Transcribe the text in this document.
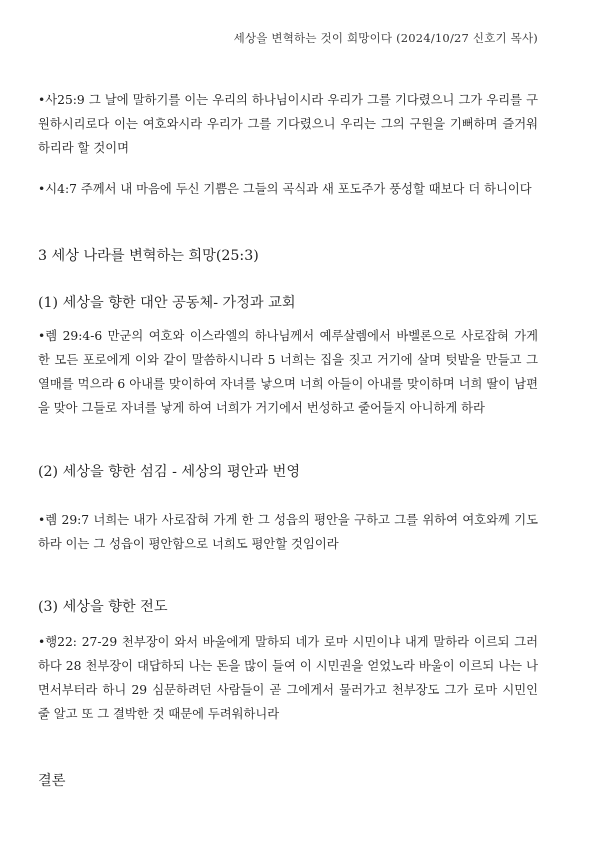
세상을 변혁하는 것이 희망이다 (2024/10/27 신호기 목사)

•사25:9 그 날에 말하기를 이는 우리의 하나님이시라 우리가 그를 기다렸으니 그가 우리를 구원하시리로다 이는 여호와시라 우리가 그를 기다렸으니 우리는 그의 구원을 기뻐하며 즐거워하리라 할 것이며

•시4:7 주께서 내 마음에 두신 기쁨은 그들의 곡식과 새 포도주가 풍성할 때보다 더 하니이다

3 세상 나라를 변혁하는 희망(25:3)
(1) 세상을 향한 대안 공동체- 가정과 교회

•렘 29:4-6 만군의 여호와 이스라엘의 하나님께서 예루살렘에서 바벨론으로 사로잡혀 가게 한 모든 포로에게 이와 같이 말씀하시니라 5 너희는 집을 짓고 거기에 살며 텃밭을 만들고 그 열매를 먹으라 6 아내를 맞이하여 자녀를 낳으며 너희 아들이 아내를 맞이하며 너희 딸이 남편을 맞아 그들로 자녀를 낳게 하여 너희가 거기에서 번성하고 줄어들지 아니하게 하라

(2) 세상을 향한 섬김 - 세상의 평안과 번영

•렘 29:7 너희는 내가 사로잡혀 가게 한 그 성읍의 평안을 구하고 그를 위하여 여호와께 기도하라 이는 그 성읍이 평안함으로 너희도 평안할 것임이라

(3) 세상을 향한 전도

•행22: 27-29 천부장이 와서 바울에게 말하되 네가 로마 시민이냐 내게 말하라 이르되 그러하다 28 천부장이 대답하되 나는 돈을 많이 들여 이 시민권을 얻었노라 바울이 이르되 나는 나면서부터라 하니 29 심문하려던 사람들이 곧 그에게서 물러가고 천부장도 그가 로마 시민인 줄 알고 또 그 결박한 것 때문에 두려워하니라

결론
